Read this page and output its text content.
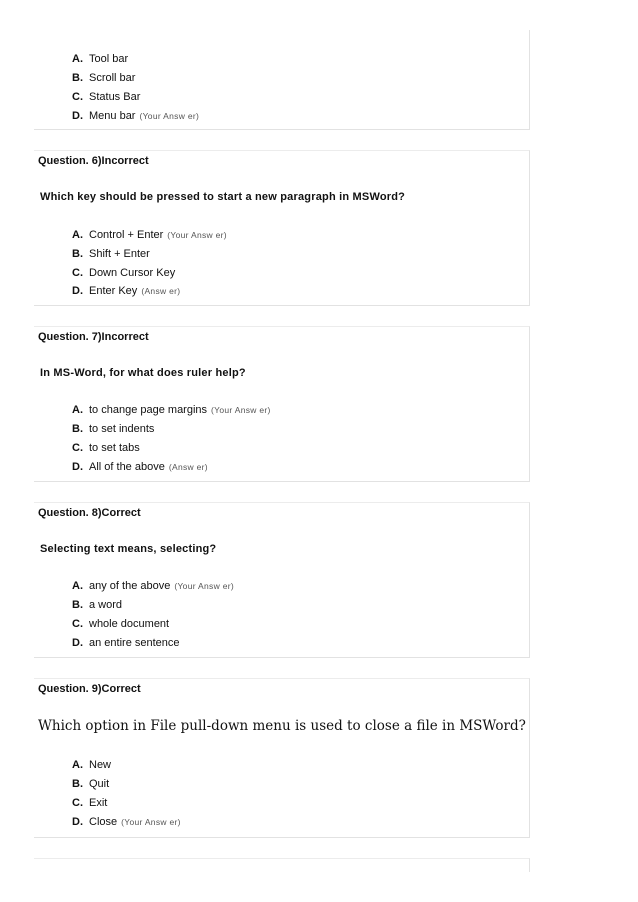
A. Tool bar
B. Scroll bar
C. Status Bar
D. Menu bar (Your Answ er)
Question. 6)Incorrect
Which key should be pressed to start a new paragraph in MSWord?
A. Control + Enter (Your Answ er)
B. Shift + Enter
C. Down Cursor Key
D. Enter Key (Answ er)
Question. 7)Incorrect
In MS-Word, for what does ruler help?
A. to change page margins (Your Answ er)
B. to set indents
C. to set tabs
D. All of the above (Answ er)
Question. 8)Correct
Selecting text means, selecting?
A. any of the above (Your Answ er)
B. a word
C. whole document
D. an entire sentence
Question. 9)Correct
Which option in File pull-down menu is used to close a file in MSWord?
A. New
B. Quit
C. Exit
D. Close (Your Answ er)
